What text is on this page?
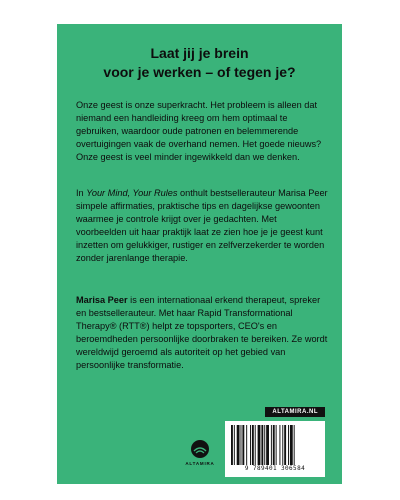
Laat jij je brein
voor je werken – of tegen je?

Onze geest is onze superkracht. Het probleem is alleen dat niemand een handleiding kreeg om hem optimaal te gebruiken, waardoor oude patronen en belemmerende overtuigingen vaak de overhand nemen. Het goede nieuws? Onze geest is veel minder ingewikkeld dan we denken.

In Your Mind, Your Rules onthult bestsellerauteur Marisa Peer simpele affirmaties, praktische tips en dagelijkse gewoonten waarmee je controle krijgt over je gedachten. Met voorbeelden uit haar praktijk laat ze zien hoe je je geest kunt inzetten om gelukkiger, rustiger en zelfverzekerder te worden zonder jarenlange therapie.

Marisa Peer is een internationaal erkend therapeut, spreker en bestsellerauteur. Met haar Rapid Transformational Therapy® (RTT®) helpt ze topsporters, CEO's en beroemdheden persoonlijke doorbraken te bereiken. Ze wordt wereldwijd geroemd als autoriteit op het gebied van persoonlijke transformatie.

ALTAMIRA.NL
ALTAMIRA
9 789401 306584
